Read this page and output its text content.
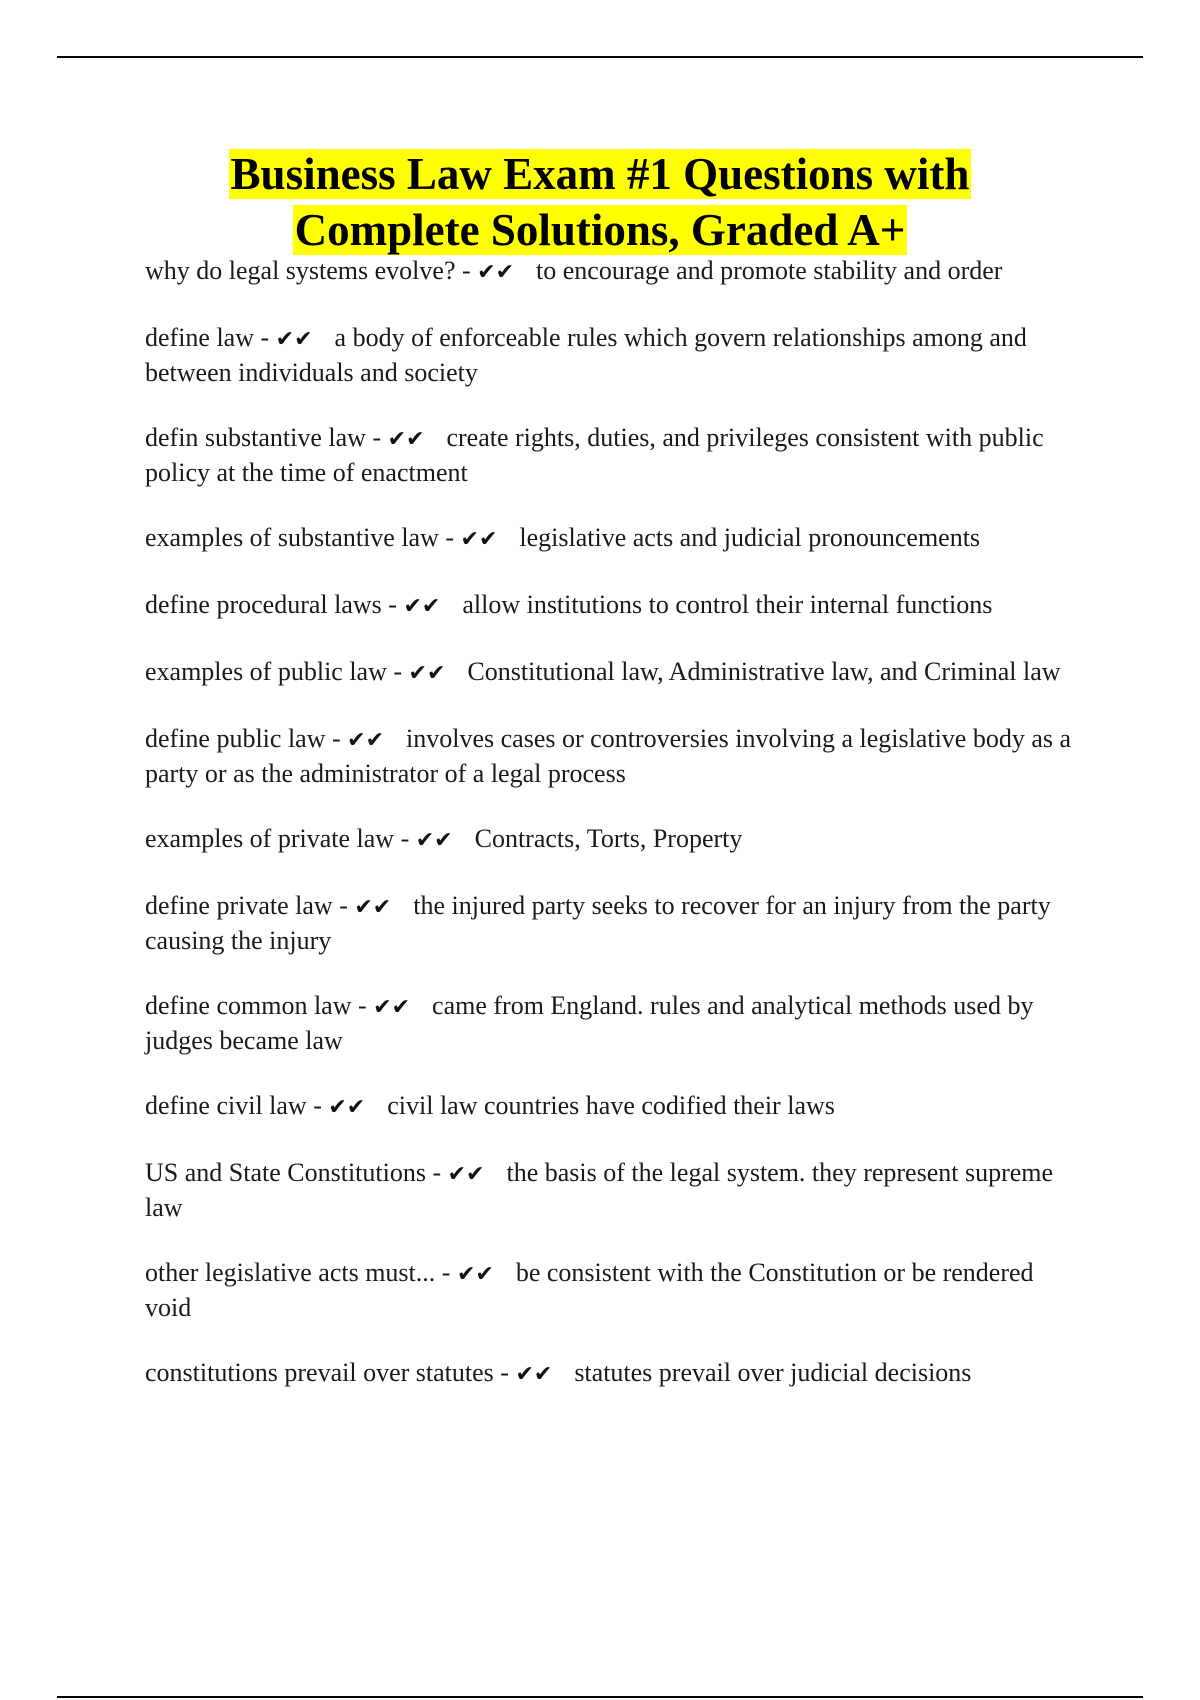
Business Law Exam #1 Questions with
Complete Solutions, Graded A+

why do legal systems evolve? - ✔✔ to encourage and promote stability and order

define law - ✔✔ a body of enforceable rules which govern relationships among and between individuals and society

defin substantive law - ✔✔ create rights, duties, and privileges consistent with public policy at the time of enactment

examples of substantive law - ✔✔ legislative acts and judicial pronouncements

define procedural laws - ✔✔ allow institutions to control their internal functions

examples of public law - ✔✔ Constitutional law, Administrative law, and Criminal law

define public law - ✔✔ involves cases or controversies involving a legislative body as a party or as the administrator of a legal process

examples of private law - ✔✔ Contracts, Torts, Property

define private law - ✔✔ the injured party seeks to recover for an injury from the party causing the injury

define common law - ✔✔ came from England. rules and analytical methods used by judges became law

define civil law - ✔✔ civil law countries have codified their laws

US and State Constitutions - ✔✔ the basis of the legal system. they represent supreme law

other legislative acts must... - ✔✔ be consistent with the Constitution or be rendered void

constitutions prevail over statutes - ✔✔ statutes prevail over judicial decisions
